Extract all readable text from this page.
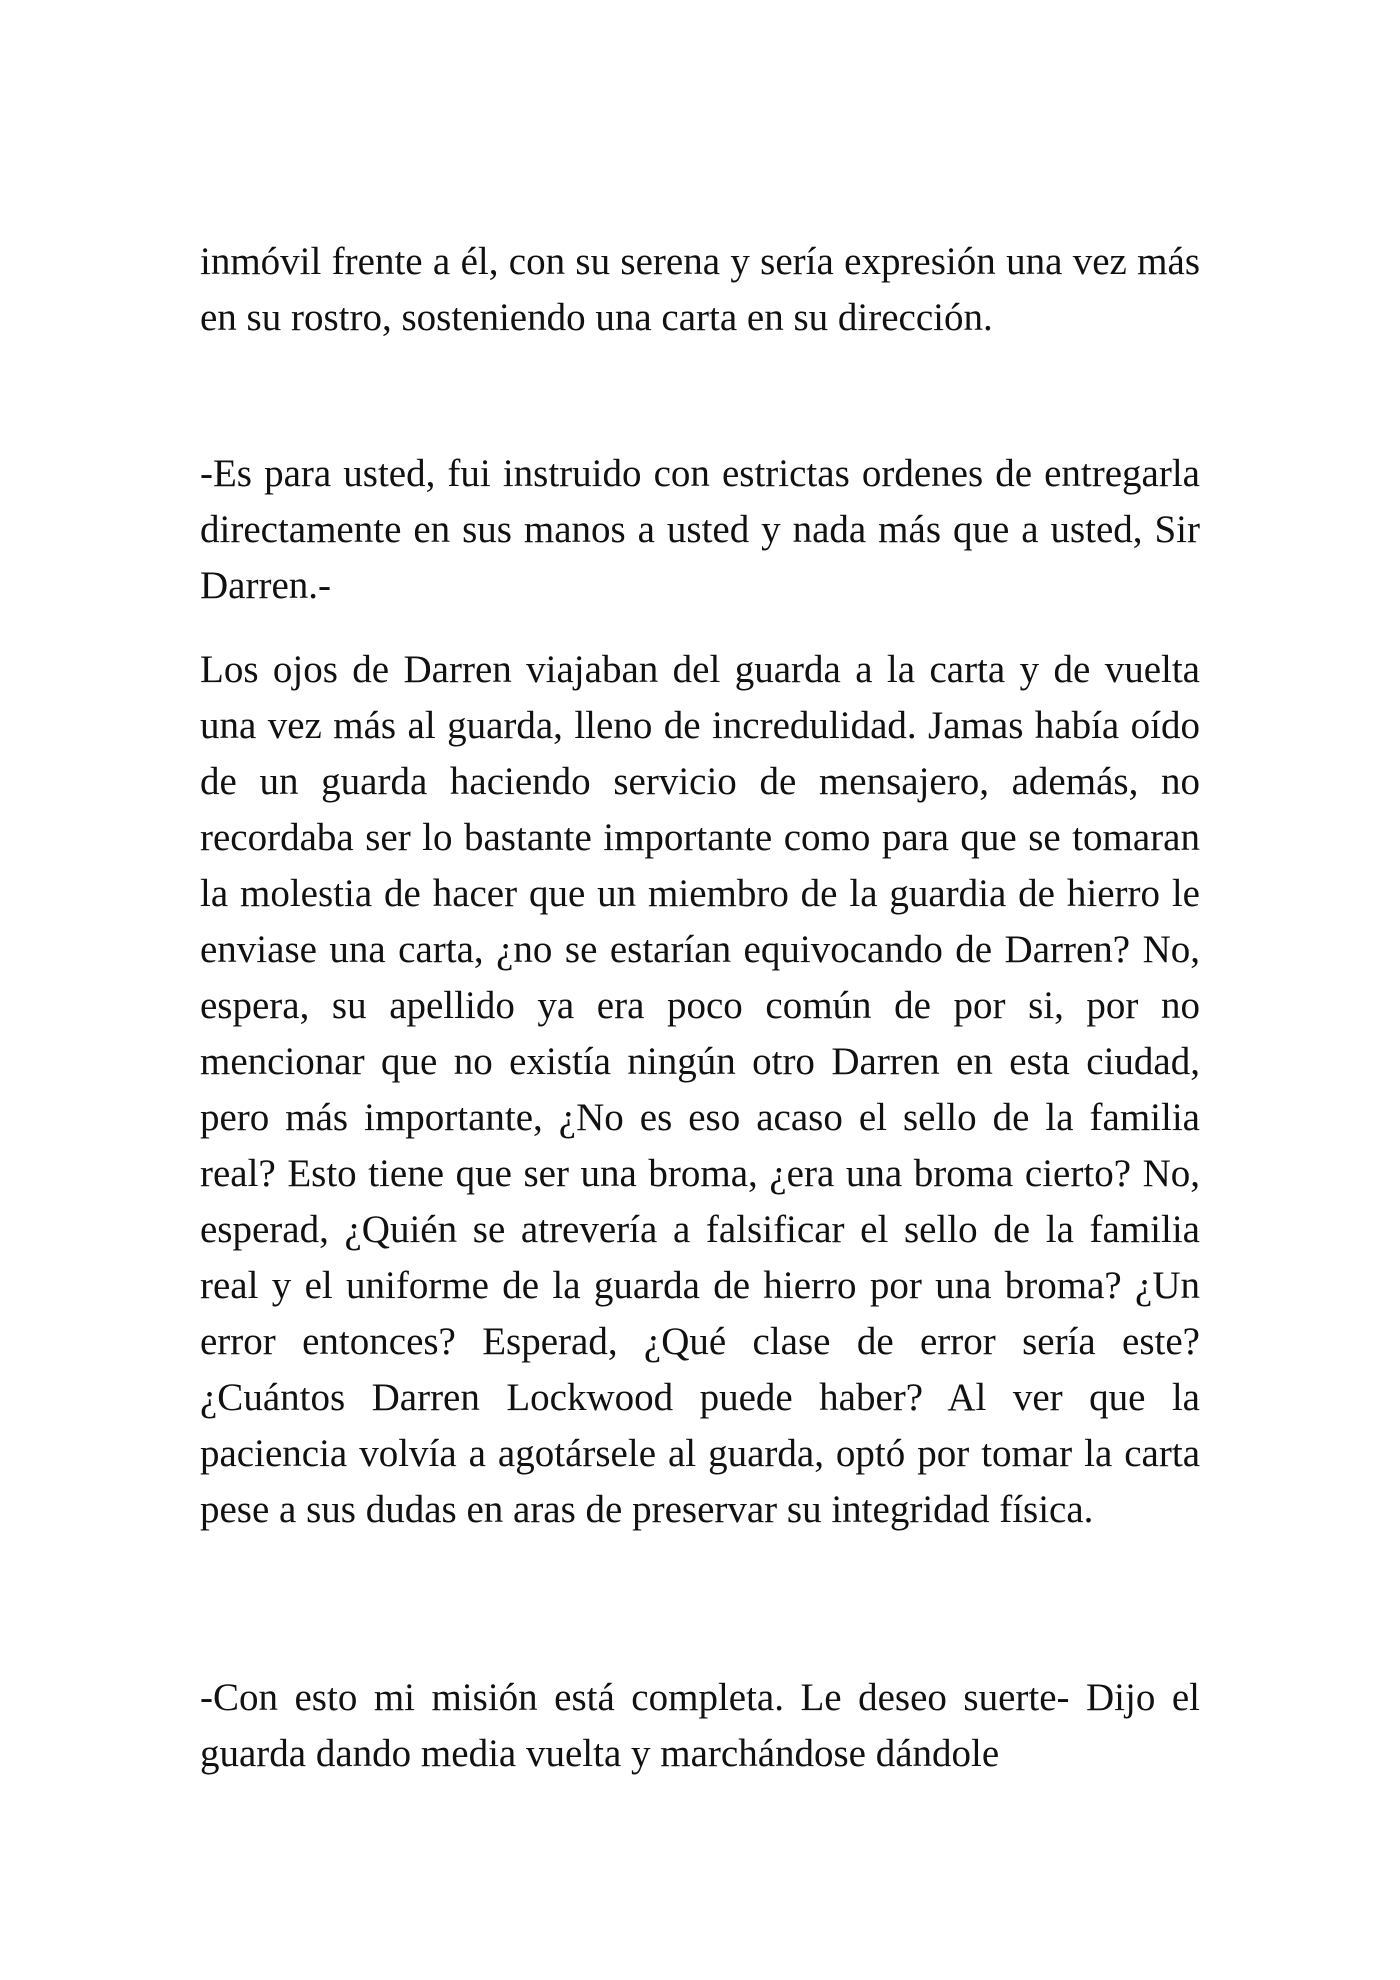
inmóvil frente a él, con su serena y sería expresión una vez más en su rostro, sosteniendo una carta en su dirección.

-Es para usted, fui instruido con estrictas ordenes de entregarla directamente en sus manos a usted y nada más que a usted, Sir Darren.-

Los ojos de Darren viajaban del guarda a la carta y de vuelta una vez más al guarda, lleno de incredulidad. Jamas había oído de un guarda haciendo servicio de mensajero, además, no recordaba ser lo bastante importante como para que se tomaran la molestia de hacer que un miembro de la guardia de hierro le enviase una carta, ¿no se estarían equivocando de Darren? No, espera, su apellido ya era poco común de por si, por no mencionar que no existía ningún otro Darren en esta ciudad, pero más importante, ¿No es eso acaso el sello de la familia real? Esto tiene que ser una broma, ¿era una broma cierto? No, esperad, ¿Quién se atrevería a falsificar el sello de la familia real y el uniforme de la guarda de hierro por una broma? ¿Un error entonces? Esperad, ¿Qué clase de error sería este? ¿Cuántos Darren Lockwood puede haber? Al ver que la paciencia volvía a agotársele al guarda, optó por tomar la carta pese a sus dudas en aras de preservar su integridad física.

-Con esto mi misión está completa. Le deseo suerte- Dijo el guarda dando media vuelta y marchándose dándole
